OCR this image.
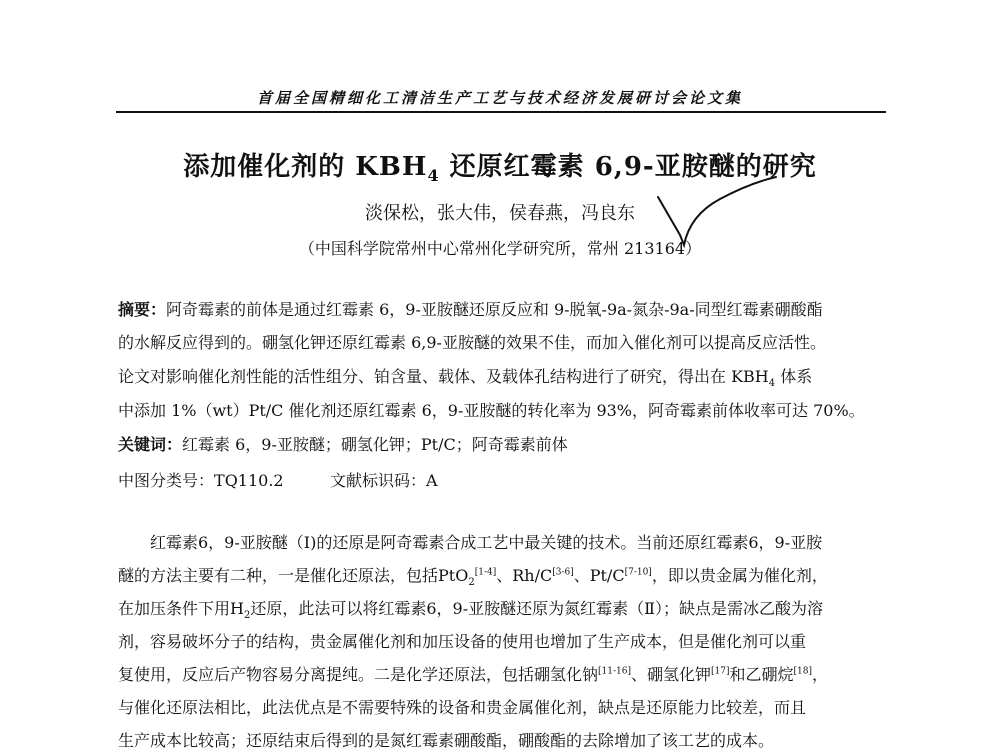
首届全国精细化工清洁生产工艺与技术经济发展研讨会论文集
添加催化剂的 $KBH_4$ 还原红霉素 6,9-亚胺醚的研究
淡保松，张大伟，侯春燕，冯良东
（中国科学院常州中心常州化学研究所，常州 213164）
摘要：阿奇霉素的前体是通过红霉素 6，9-亚胺醚还原反应和 9-脱氧-9a-氮杂-9a-同型红霉素硼酸酯
的水解反应得到的。硼氢化钾还原红霉素 6,9-亚胺醚的效果不佳，而加入催化剂可以提高反应活性。
论文对影响催化剂性能的活性组分、铂含量、载体、及载体孔结构进行了研究，得出在 $KBH_4$ 体系
中添加 1%（wt）Pt/C 催化剂还原红霉素 6，9-亚胺醚的转化率为 93%，阿奇霉素前体收率可达 70%。
关键词：红霉素 6，9-亚胺醚；硼氢化钾；Pt/C；阿奇霉素前体
中图分类号：TQ110.2	文献标识码：A
红霉素6，9-亚胺醚（Ⅰ)的还原是阿奇霉素合成工艺中最关键的技术。当前还原红霉素6，9-亚胺
醚的方法主要有二种，一是催化还原法，包括PtO$_2$[1-4]、Rh/C[3-6]、Pt/C[7-10]，即以贵金属为催化剂，
在加压条件下用$H_2$还原，此法可以将红霉素6，9-亚胺醚还原为氮红霉素（Ⅱ）；缺点是需冰乙酸为溶
剂，容易破坏分子的结构，贵金属催化剂和加压设备的使用也增加了生产成本，但是催化剂可以重
复使用，反应后产物容易分离提纯。二是化学还原法，包括硼氢化钠[11-16]、硼氢化钾[17]和乙硼烷[18]，
与催化还原法相比，此法优点是不需要特殊的设备和贵金属催化剂，缺点是还原能力比较差，而且
生产成本比较高；还原结束后得到的是氮红霉素硼酸酯，硼酸酯的去除增加了该工艺的成本。
